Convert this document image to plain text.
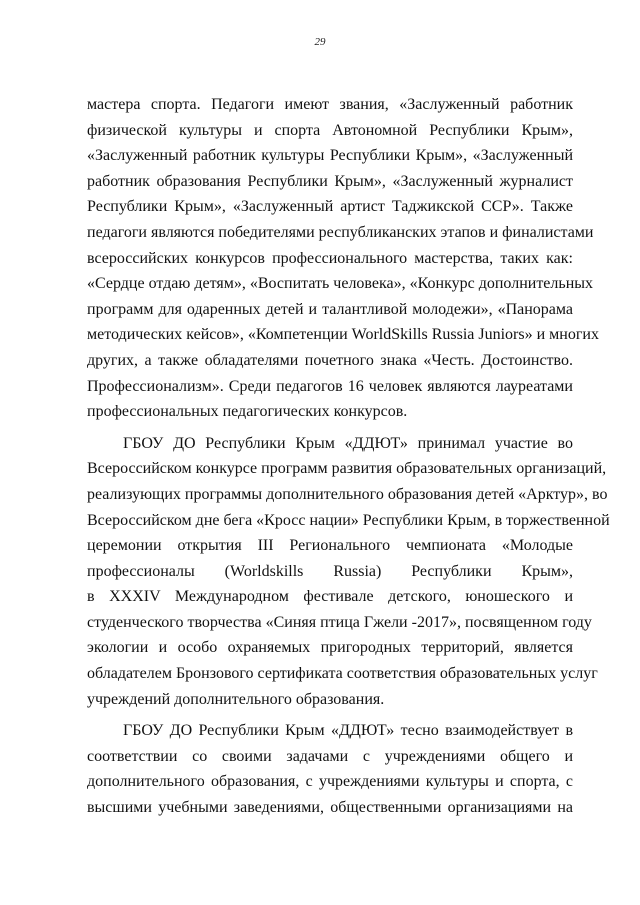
29
мастера спорта. Педагоги имеют звания, «Заслуженный работник
физической культуры и спорта Автономной Республики Крым»,
«Заслуженный работник культуры Республики Крым», «Заслуженный
работник образования Республики Крым», «Заслуженный журналист
Республики Крым», «Заслуженный артист Таджикской ССР». Также
педагоги являются победителями республиканских этапов и финалистами
всероссийских конкурсов профессионального мастерства, таких как:
«Сердце отдаю детям», «Воспитать человека», «Конкурс дополнительных
программ для одаренных детей и талантливой молодежи», «Панорама
методических кейсов», «Компетенции WorldSkills Russia Juniors» и многих
других, а также обладателями почетного знака «Честь. Достоинство.
Профессионализм». Среди педагогов 16 человек являются лауреатами
профессиональных педагогических конкурсов.
ГБОУ ДО Республики Крым «ДДЮТ» принимал участие во
Всероссийском конкурсе программ развития образовательных организаций,
реализующих программы дополнительного образования детей «Арктур», во
Всероссийском дне бега «Кросс нации» Республики Крым, в торжественной
церемонии открытия III Регионального чемпионата «Молодые
профессионалы (Worldskills Russia) Республики Крым»,
в XXXIV Международном фестивале детского, юношеского и
студенческого творчества «Синяя птица Гжели -2017», посвященном году
экологии и особо охраняемых пригородных территорий, является
обладателем Бронзового сертификата соответствия образовательных услуг
учреждений дополнительного образования.
ГБОУ ДО Республики Крым «ДДЮТ» тесно взаимодействует в
соответствии со своими задачами с учреждениями общего и
дополнительного образования, с учреждениями культуры и спорта, с
высшими учебными заведениями, общественными организациями на
